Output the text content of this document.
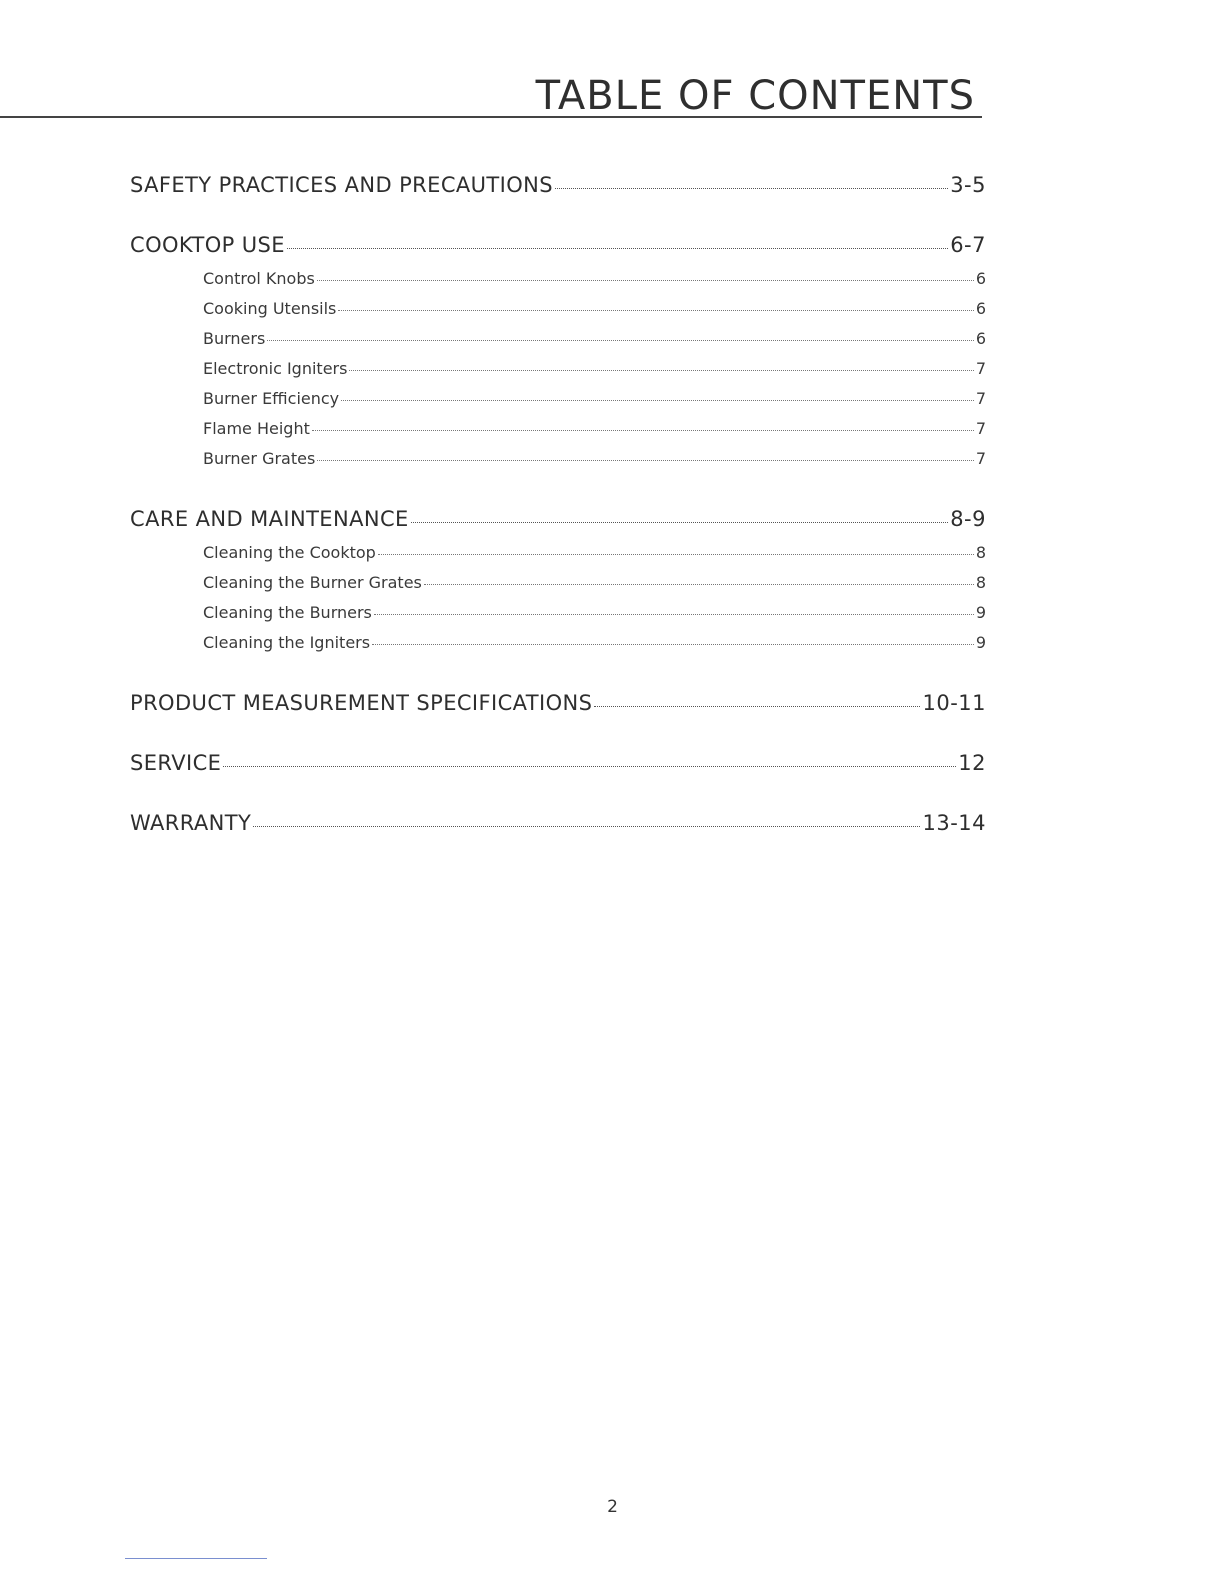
TABLE OF CONTENTS
SAFETY PRACTICES AND PRECAUTIONS	3-5
COOKTOP USE	6-7
Control Knobs	6
Cooking Utensils	6
Burners	6
Electronic Igniters	7
Burner Efficiency	7
Flame Height	7
Burner Grates	7
CARE AND MAINTENANCE	8-9
Cleaning the Cooktop	8
Cleaning the Burner Grates	8
Cleaning the Burners	9
Cleaning the Igniters	9
PRODUCT MEASUREMENT SPECIFICATIONS	10-11
SERVICE	12
WARRANTY	13-14
2
